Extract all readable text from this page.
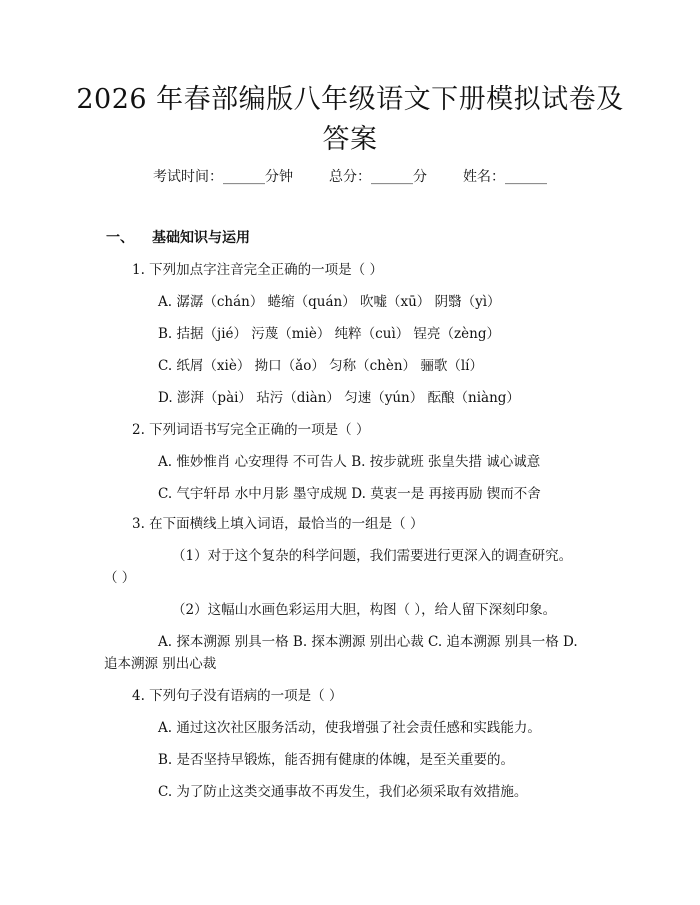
2026 年春部编版八年级语文下册模拟试卷及
答案
考试时间：______分钟	总分：______分	姓名：______
一、 基础知识与运用
1. 下列加点字注音完全正确的一项是（ ）
A. 潺潺（chán） 蜷缩（quán） 吹嘘（xū） 阴翳（yì）
B. 拮据（jié） 污蔑（miè） 纯粹（cuì） 锃亮（zèng）
C. 纸屑（xiè） 拗口（ǎo） 匀称（chèn） 骊歌（lí）
D. 澎湃（pài） 玷污（diàn） 匀速（yún） 酝酿（niàng）
2. 下列词语书写完全正确的一项是（ ）
A. 惟妙惟肖 心安理得 不可告人 B. 按步就班 张皇失措 诚心诚意
C. 气宇轩昂 水中月影 墨守成规 D. 莫衷一是 再接再励 锲而不舍
3. 在下面横线上填入词语，最恰当的一组是（ ）
（1）对于这个复杂的科学问题，我们需要进行更深入的调查研究。
（ ）
（2）这幅山水画色彩运用大胆，构图（ ），给人留下深刻印象。
A. 探本溯源 别具一格 B. 探本溯源 别出心裁 C. 追本溯源 别具一格 D.
追本溯源 别出心裁
4. 下列句子没有语病的一项是（ ）
A. 通过这次社区服务活动，使我增强了社会责任感和实践能力。
B. 是否坚持早锻炼，能否拥有健康的体魄，是至关重要的。
C. 为了防止这类交通事故不再发生，我们必须采取有效措施。
